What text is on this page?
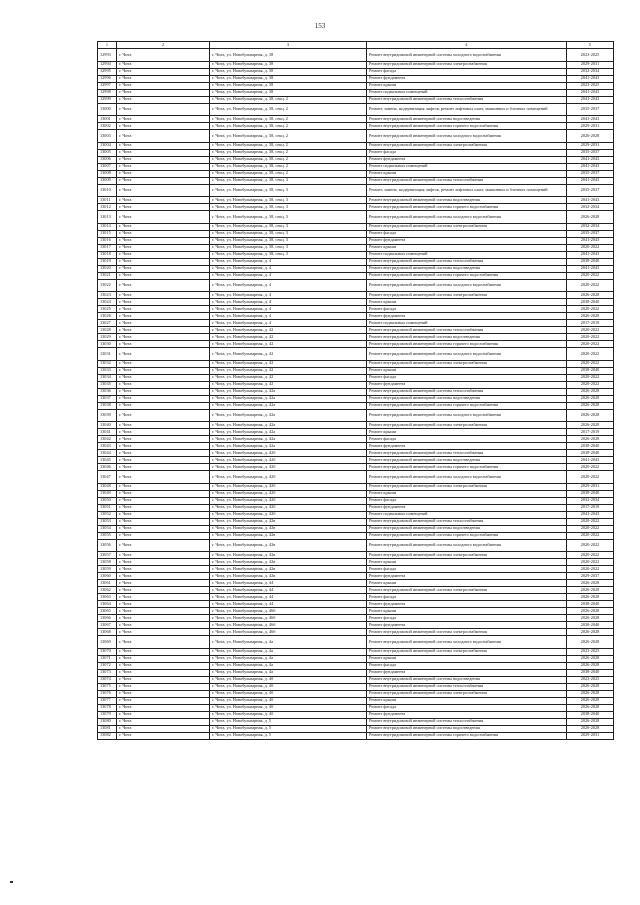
153
1	2	3	4	5
12993	г. Чита	г. Чита, ул. Новобульварная, д. 38	Ремонт внутридомовой инженерной системы холодного водоснабжения	2023-2025
12994	г. Чита	г. Чита, ул. Новобульварная, д. 38	Ремонт внутридомовой инженерной системы электроснабжения	2029-2031
12995	г. Чита	г. Чита, ул. Новобульварная, д. 38	Ремонт фасада	2032-2034
12996	г. Чита	г. Чита, ул. Новобульварная, д. 38	Ремонт фундамента	2041-2043
12997	г. Чита	г. Чита, ул. Новобульварная, д. 38	Ремонт крыши	2023-2025
12998	г. Чита	г. Чита, ул. Новобульварная, д. 38	Ремонт подвальных помещений	2041-2043
12999	г. Чита	г. Чита, ул. Новобульварная, д. 38, секц. 2	Ремонт внутридомовой инженерной системы теплоснабжения	2041-2043
13000	г. Чита	г. Чита, ул. Новобульварная, д. 38, секц. 2	Ремонт, замена, модернизация лифтов, ремонт лифтовых шахт, машинных и блочных помещений	2035-2037
13001	г. Чита	г. Чита, ул. Новобульварная, д. 38, секц. 2	Ремонт внутридомовой инженерной системы водоотведения	2041-2043
13002	г. Чита	г. Чита, ул. Новобульварная, д. 38, секц. 2	Ремонт внутридомовой инженерной системы горячего водоснабжения	2029-2031
13003	г. Чита	г. Чита, ул. Новобульварная, д. 38, секц. 2	Ремонт внутридомовой инженерной системы холодного водоснабжения	2026-2028
13004	г. Чита	г. Чита, ул. Новобульварная, д. 38, секц. 2	Ремонт внутридомовой инженерной системы электроснабжения	2029-2031
13005	г. Чита	г. Чита, ул. Новобульварная, д. 38, секц. 2	Ремонт фасада	2035-2037
13006	г. Чита	г. Чита, ул. Новобульварная, д. 38, секц. 2	Ремонт фундамента	2041-2043
13007	г. Чита	г. Чита, ул. Новобульварная, д. 38, секц. 2	Ремонт подвальных помещений	2041-2043
13008	г. Чита	г. Чита, ул. Новобульварная, д. 38, секц. 2	Ремонт крыши	2035-2037
13009	г. Чита	г. Чита, ул. Новобульварная, д. 38, секц. 3	Ремонт внутридомовой инженерной системы теплоснабжения	2041-2043
13010	г. Чита	г. Чита, ул. Новобульварная, д. 38, секц. 3	Ремонт, замена, модернизация лифтов, ремонт лифтовых шахт, машинных и блочных помещений	2035-2037
13011	г. Чита	г. Чита, ул. Новобульварная, д. 38, секц. 3	Ремонт внутридомовой инженерной системы водоотведения	2041-2043
13012	г. Чита	г. Чита, ул. Новобульварная, д. 38, секц. 3	Ремонт внутридомовой инженерной системы горячего водоснабжения	2032-2034
13013	г. Чита	г. Чита, ул. Новобульварная, д. 38, секц. 3	Ремонт внутридомовой инженерной системы холодного водоснабжения	2026-2028
13014	г. Чита	г. Чита, ул. Новобульварная, д. 38, секц. 3	Ремонт внутридомовой инженерной системы электроснабжения	2032-2034
13015	г. Чита	г. Чита, ул. Новобульварная, д. 38, секц. 3	Ремонт фасада	2035-2037
13016	г. Чита	г. Чита, ул. Новобульварная, д. 38, секц. 3	Ремонт фундамента	2041-2043
13017	г. Чита	г. Чита, ул. Новобульварная, д. 38, секц. 3	Ремонт крыши	2020-2022
13018	г. Чита	г. Чита, ул. Новобульварная, д. 38, секц. 3	Ремонт подвальных помещений	2041-2043
13019	г. Чита	г. Чита, ул. Новобульварная, д. 4	Ремонт внутридомовой инженерной системы теплоснабжения	2038-2040
13020	г. Чита	г. Чита, ул. Новобульварная, д. 4	Ремонт внутридомовой инженерной системы водоотведения	2041-2043
13021	г. Чита	г. Чита, ул. Новобульварная, д. 4	Ремонт внутридомовой инженерной системы горячего водоснабжения	2020-2022
13022	г. Чита	г. Чита, ул. Новобульварная, д. 4	Ремонт внутридомовой инженерной системы холодного водоснабжения	2020-2022
13023	г. Чита	г. Чита, ул. Новобульварная, д. 4	Ремонт внутридомовой инженерной системы электроснабжения	2026-2028
13024	г. Чита	г. Чита, ул. Новобульварная, д. 4	Ремонт крыши	2038-2040
13025	г. Чита	г. Чита, ул. Новобульварная, д. 4	Ремонт фасада	2020-2022
13026	г. Чита	г. Чита, ул. Новобульварная, д. 4	Ремонт фундамента	2026-2028
13027	г. Чита	г. Чита, ул. Новобульварная, д. 4	Ремонт подвальных помещений	2017-2019
13028	г. Чита	г. Чита, ул. Новобульварная, д. 42	Ремонт внутридомовой инженерной системы теплоснабжения	2020-2022
13029	г. Чита	г. Чита, ул. Новобульварная, д. 42	Ремонт внутридомовой инженерной системы водоотведения	2020-2022
13030	г. Чита	г. Чита, ул. Новобульварная, д. 42	Ремонт внутридомовой инженерной системы горячего водоснабжения	2020-2022
13031	г. Чита	г. Чита, ул. Новобульварная, д. 42	Ремонт внутридомовой инженерной системы холодного водоснабжения	2020-2022
13032	г. Чита	г. Чита, ул. Новобульварная, д. 42	Ремонт внутридомовой инженерной системы электроснабжения	2020-2022
13033	г. Чита	г. Чита, ул. Новобульварная, д. 42	Ремонт крыши	2038-2040
13034	г. Чита	г. Чита, ул. Новобульварная, д. 42	Ремонт фасада	2020-2022
13035	г. Чита	г. Чита, ул. Новобульварная, д. 42	Ремонт фундамента	2020-2022
13036	г. Чита	г. Чита, ул. Новобульварная, д. 42а	Ремонт внутридомовой инженерной системы теплоснабжения	2026-2028
13037	г. Чита	г. Чита, ул. Новобульварная, д. 42а	Ремонт внутридомовой инженерной системы водоотведения	2026-2028
13038	г. Чита	г. Чита, ул. Новобульварная, д. 42а	Ремонт внутридомовой инженерной системы горячего водоснабжения	2026-2028
13039	г. Чита	г. Чита, ул. Новобульварная, д. 42а	Ремонт внутридомовой инженерной системы холодного водоснабжения	2026-2028
13040	г. Чита	г. Чита, ул. Новобульварная, д. 42а	Ремонт внутридомовой инженерной системы электроснабжения	2026-2028
13041	г. Чита	г. Чита, ул. Новобульварная, д. 42а	Ремонт крыши	2017-2019
13042	г. Чита	г. Чита, ул. Новобульварная, д. 42а	Ремонт фасада	2026-2028
13043	г. Чита	г. Чита, ул. Новобульварная, д. 42а	Ремонт фундамента	2038-2040
13044	г. Чита	г. Чита, ул. Новобульварная, д. 42б	Ремонт внутридомовой инженерной системы теплоснабжения	2038-2040
13045	г. Чита	г. Чита, ул. Новобульварная, д. 42б	Ремонт внутридомовой инженерной системы водоотведения	2041-2043
13046	г. Чита	г. Чита, ул. Новобульварная, д. 42б	Ремонт внутридомовой инженерной системы горячего водоснабжения	2020-2022
13047	г. Чита	г. Чита, ул. Новобульварная, д. 42б	Ремонт внутридомовой инженерной системы холодного водоснабжения	2020-2022
13048	г. Чита	г. Чита, ул. Новобульварная, д. 42б	Ремонт внутридомовой инженерной системы электроснабжения	2029-2031
13049	г. Чита	г. Чита, ул. Новобульварная, д. 42б	Ремонт крыши	2038-2040
13050	г. Чита	г. Чита, ул. Новобульварная, д. 42б	Ремонт фасада	2032-2034
13051	г. Чита	г. Чита, ул. Новобульварная, д. 42б	Ремонт фундамента	2017-2019
13052	г. Чита	г. Чита, ул. Новобульварная, д. 42б	Ремонт подвальных помещений	2041-2043
13053	г. Чита	г. Чита, ул. Новобульварная, д. 42в	Ремонт внутридомовой инженерной системы теплоснабжения	2020-2022
13054	г. Чита	г. Чита, ул. Новобульварная, д. 42в	Ремонт внутридомовой инженерной системы водоотведения	2020-2022
13055	г. Чита	г. Чита, ул. Новобульварная, д. 42в	Ремонт внутридомовой инженерной системы горячего водоснабжения	2020-2022
13056	г. Чита	г. Чита, ул. Новобульварная, д. 42в	Ремонт внутридомовой инженерной системы холодного водоснабжения	2020-2022
13057	г. Чита	г. Чита, ул. Новобульварная, д. 42в	Ремонт внутридомовой инженерной системы электроснабжения	2020-2022
13058	г. Чита	г. Чита, ул. Новобульварная, д. 42в	Ремонт крыши	2020-2022
13059	г. Чита	г. Чита, ул. Новобульварная, д. 42в	Ремонт фасада	2020-2022
13060	г. Чита	г. Чита, ул. Новобульварная, д. 42в	Ремонт фундамента	2029-2037
13061	г. Чита	г. Чита, ул. Новобульварная, д. 44	Ремонт крыши	2026-2028
13062	г. Чита	г. Чита, ул. Новобульварная, д. 44	Ремонт внутридомовой инженерной системы электроснабжения	2026-2028
13063	г. Чита	г. Чита, ул. Новобульварная, д. 44	Ремонт фасада	2026-2028
13064	г. Чита	г. Чита, ул. Новобульварная, д. 44	Ремонт фундамента	2038-2040
13065	г. Чита	г. Чита, ул. Новобульварная, д. 46б	Ремонт крыши	2026-2028
13066	г. Чита	г. Чита, ул. Новобульварная, д. 46б	Ремонт фасада	2026-2028
13067	г. Чита	г. Чита, ул. Новобульварная, д. 46б	Ремонт фундамента	2038-2040
13068	г. Чита	г. Чита, ул. Новобульварная, д. 46б	Ремонт внутридомовой инженерной системы электроснабжения	2026-2028
13069	г. Чита	г. Чита, ул. Новобульварная, д. 4а	Ремонт внутридомовой инженерной системы холодного водоснабжения	2026-2028
13070	г. Чита	г. Чита, ул. Новобульварная, д. 4а	Ремонт внутридомовой инженерной системы электроснабжения	2023-2025
13071	г. Чита	г. Чита, ул. Новобульварная, д. 4а	Ремонт крыши	2026-2028
13072	г. Чита	г. Чита, ул. Новобульварная, д. 4а	Ремонт фасада	2026-2028
13073	г. Чита	г. Чита, ул. Новобульварная, д. 4а	Ремонт фундамента	2038-2040
13074	г. Чита	г. Чита, ул. Новобульварная, д. 4б	Ремонт внутридомовой инженерной системы водоотведения	2023-2025
13075	г. Чита	г. Чита, ул. Новобульварная, д. 4б	Ремонт внутридомовой инженерной системы теплоснабжения	2026-2028
13076	г. Чита	г. Чита, ул. Новобульварная, д. 4б	Ремонт внутридомовой инженерной системы электроснабжения	2026-2028
13077	г. Чита	г. Чита, ул. Новобульварная, д. 4б	Ремонт крыши	2026-2028
13078	г. Чита	г. Чита, ул. Новобульварная, д. 4б	Ремонт фасада	2026-2028
13079	г. Чита	г. Чита, ул. Новобульварная, д. 4б	Ремонт фундамента	2038-2040
13080	г. Чита	г. Чита, ул. Новобульварная, д. 5	Ремонт внутридомовой инженерной системы теплоснабжения	2026-2028
13081	г. Чита	г. Чита, ул. Новобульварная, д. 5	Ремонт внутридомовой инженерной системы водоотведения	2026-2028
13082	г. Чита	г. Чита, ул. Новобульварная, д. 5	Ремонт внутридомовой инженерной системы горячего водоснабжения	2029-2031
